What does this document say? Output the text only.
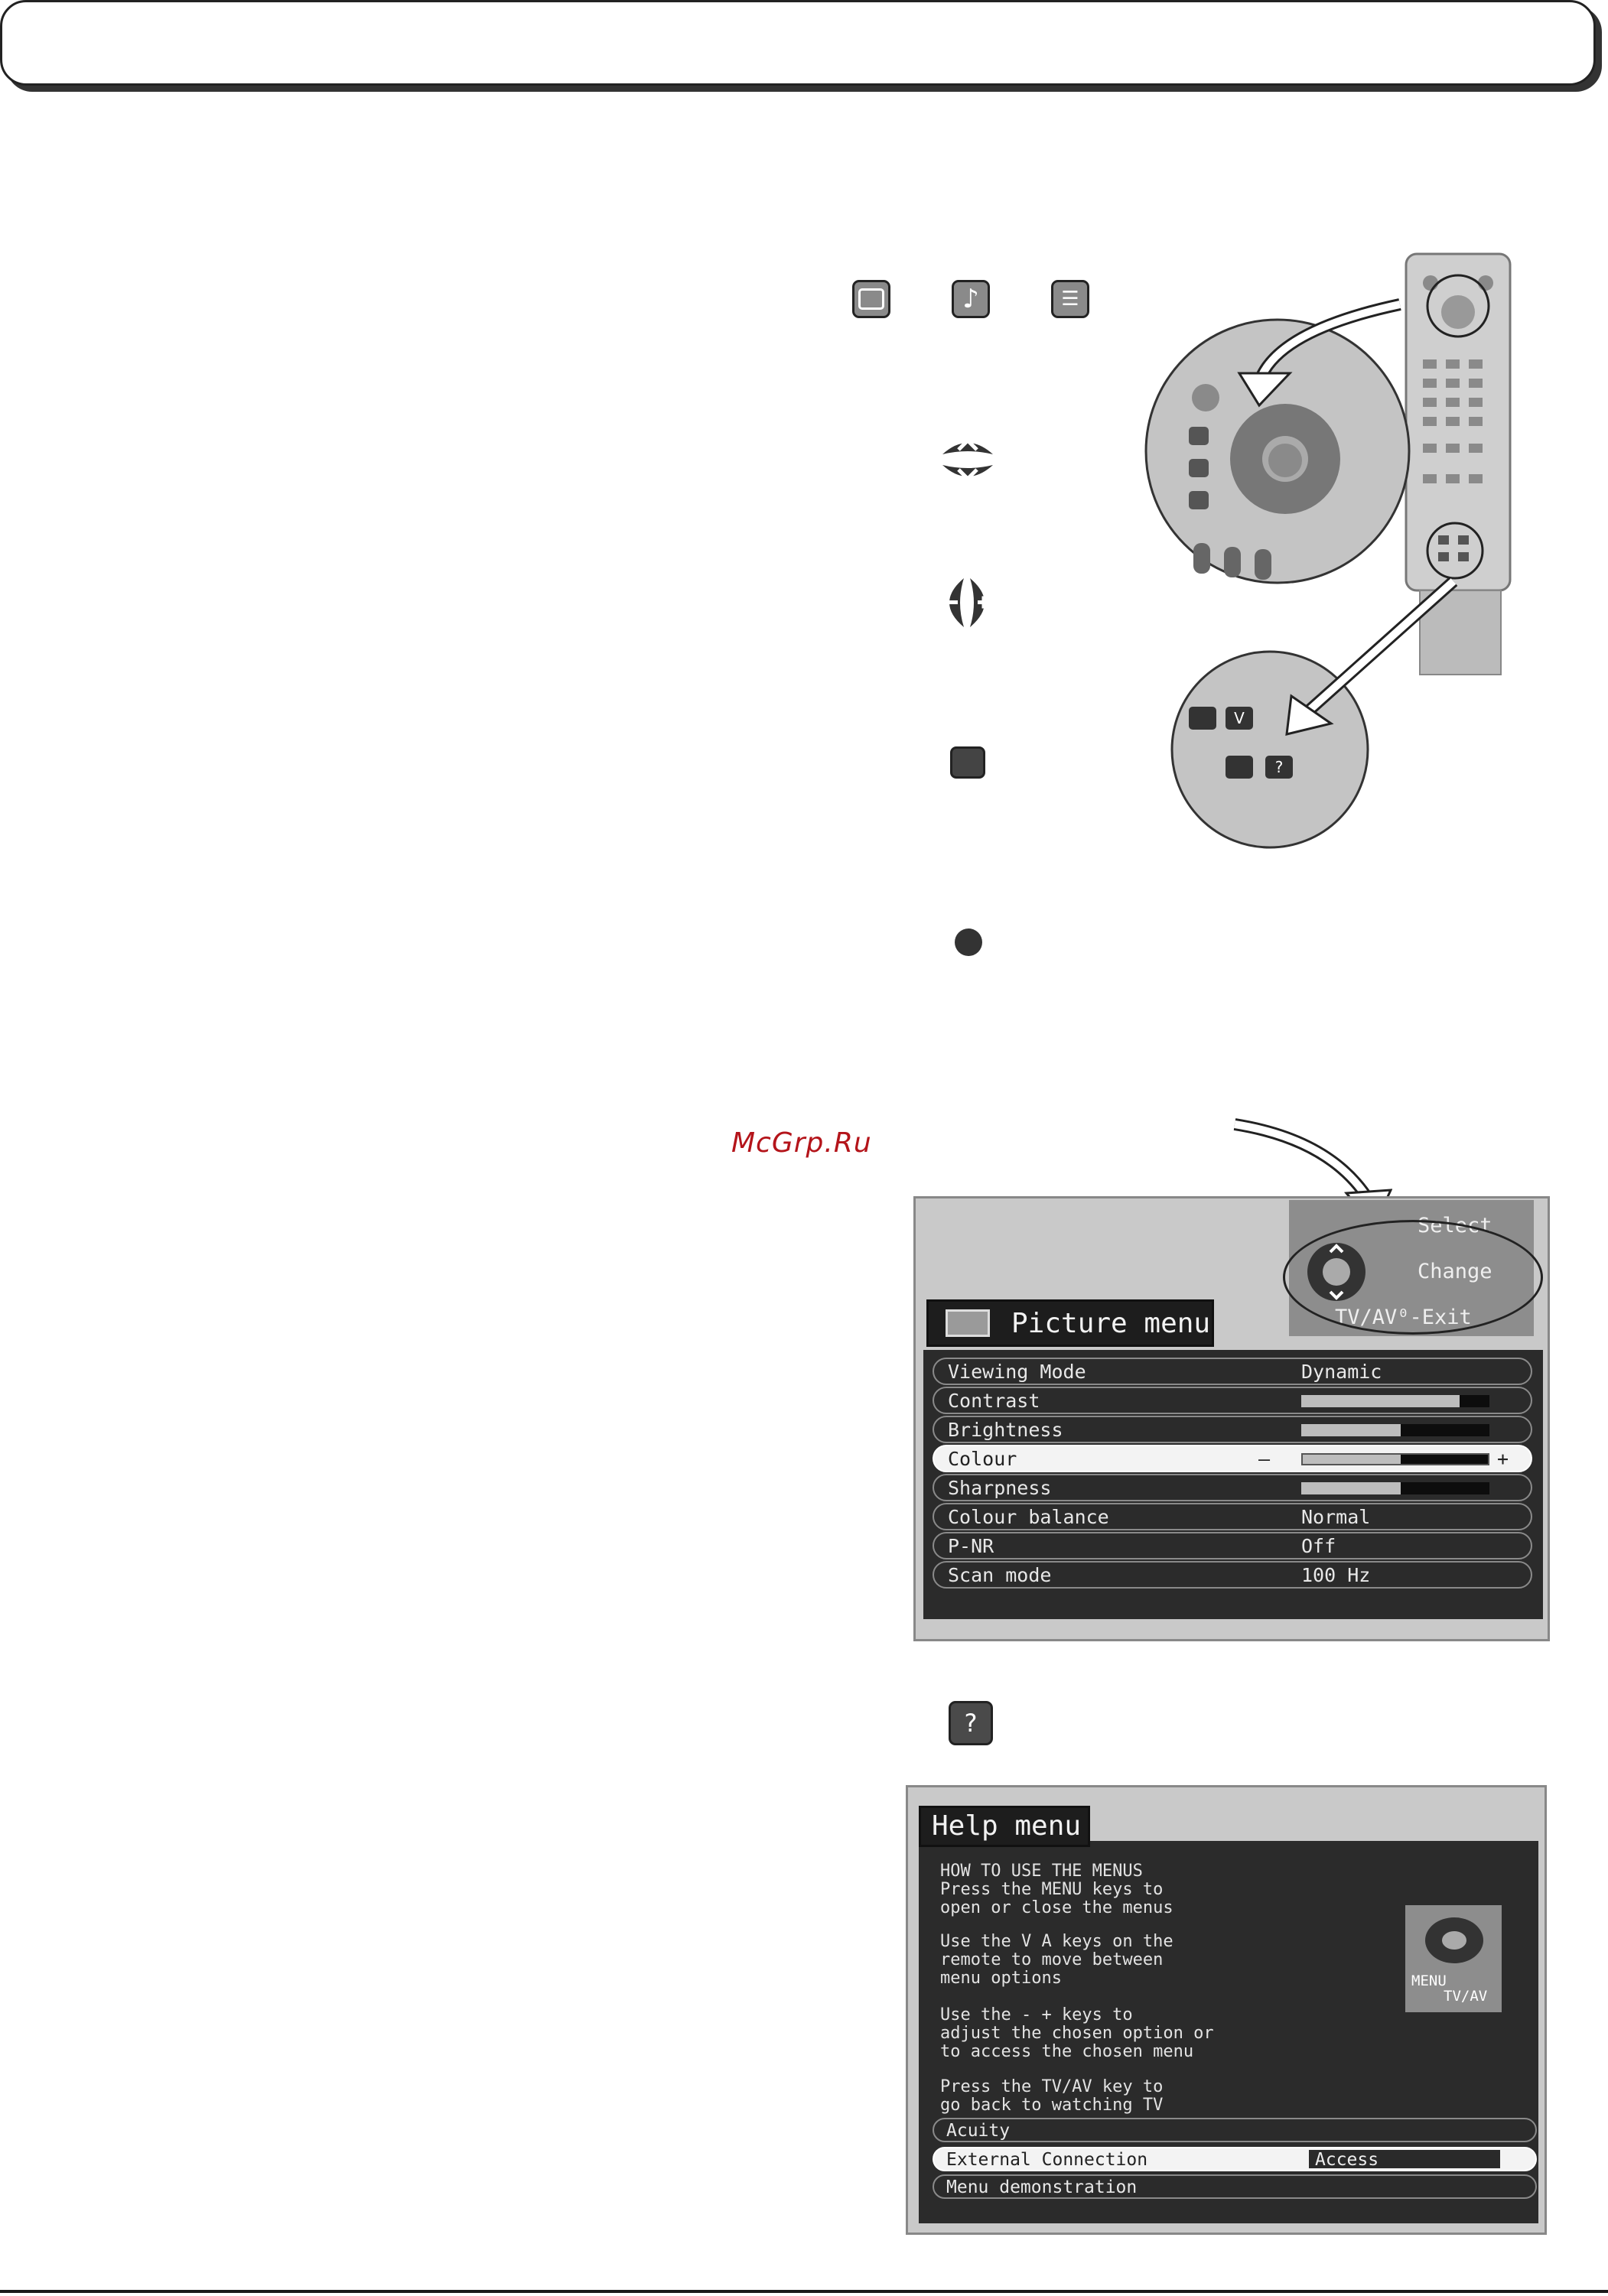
♪	☰
?
V
?
McGrp.Ru
Select
Change
TV/AV⁰-Exit
Picture menu
Viewing Mode	Dynamic
Contrast
Brightness
Colour	—	+
Sharpness
Colour balance	Normal
P-NR	Off
Scan mode	100 Hz
HOW TO USE THE MENUS
Press the MENU keys to
open or close the menus
Use the V A keys on the
remote to move between
menu options
Use the - + keys to
adjust the chosen option or
to access the chosen menu
Press the TV/AV key to
go back to watching TV
MENU
TV/AV
Help menu
Acuity
External Connection	Access
Menu demonstration
